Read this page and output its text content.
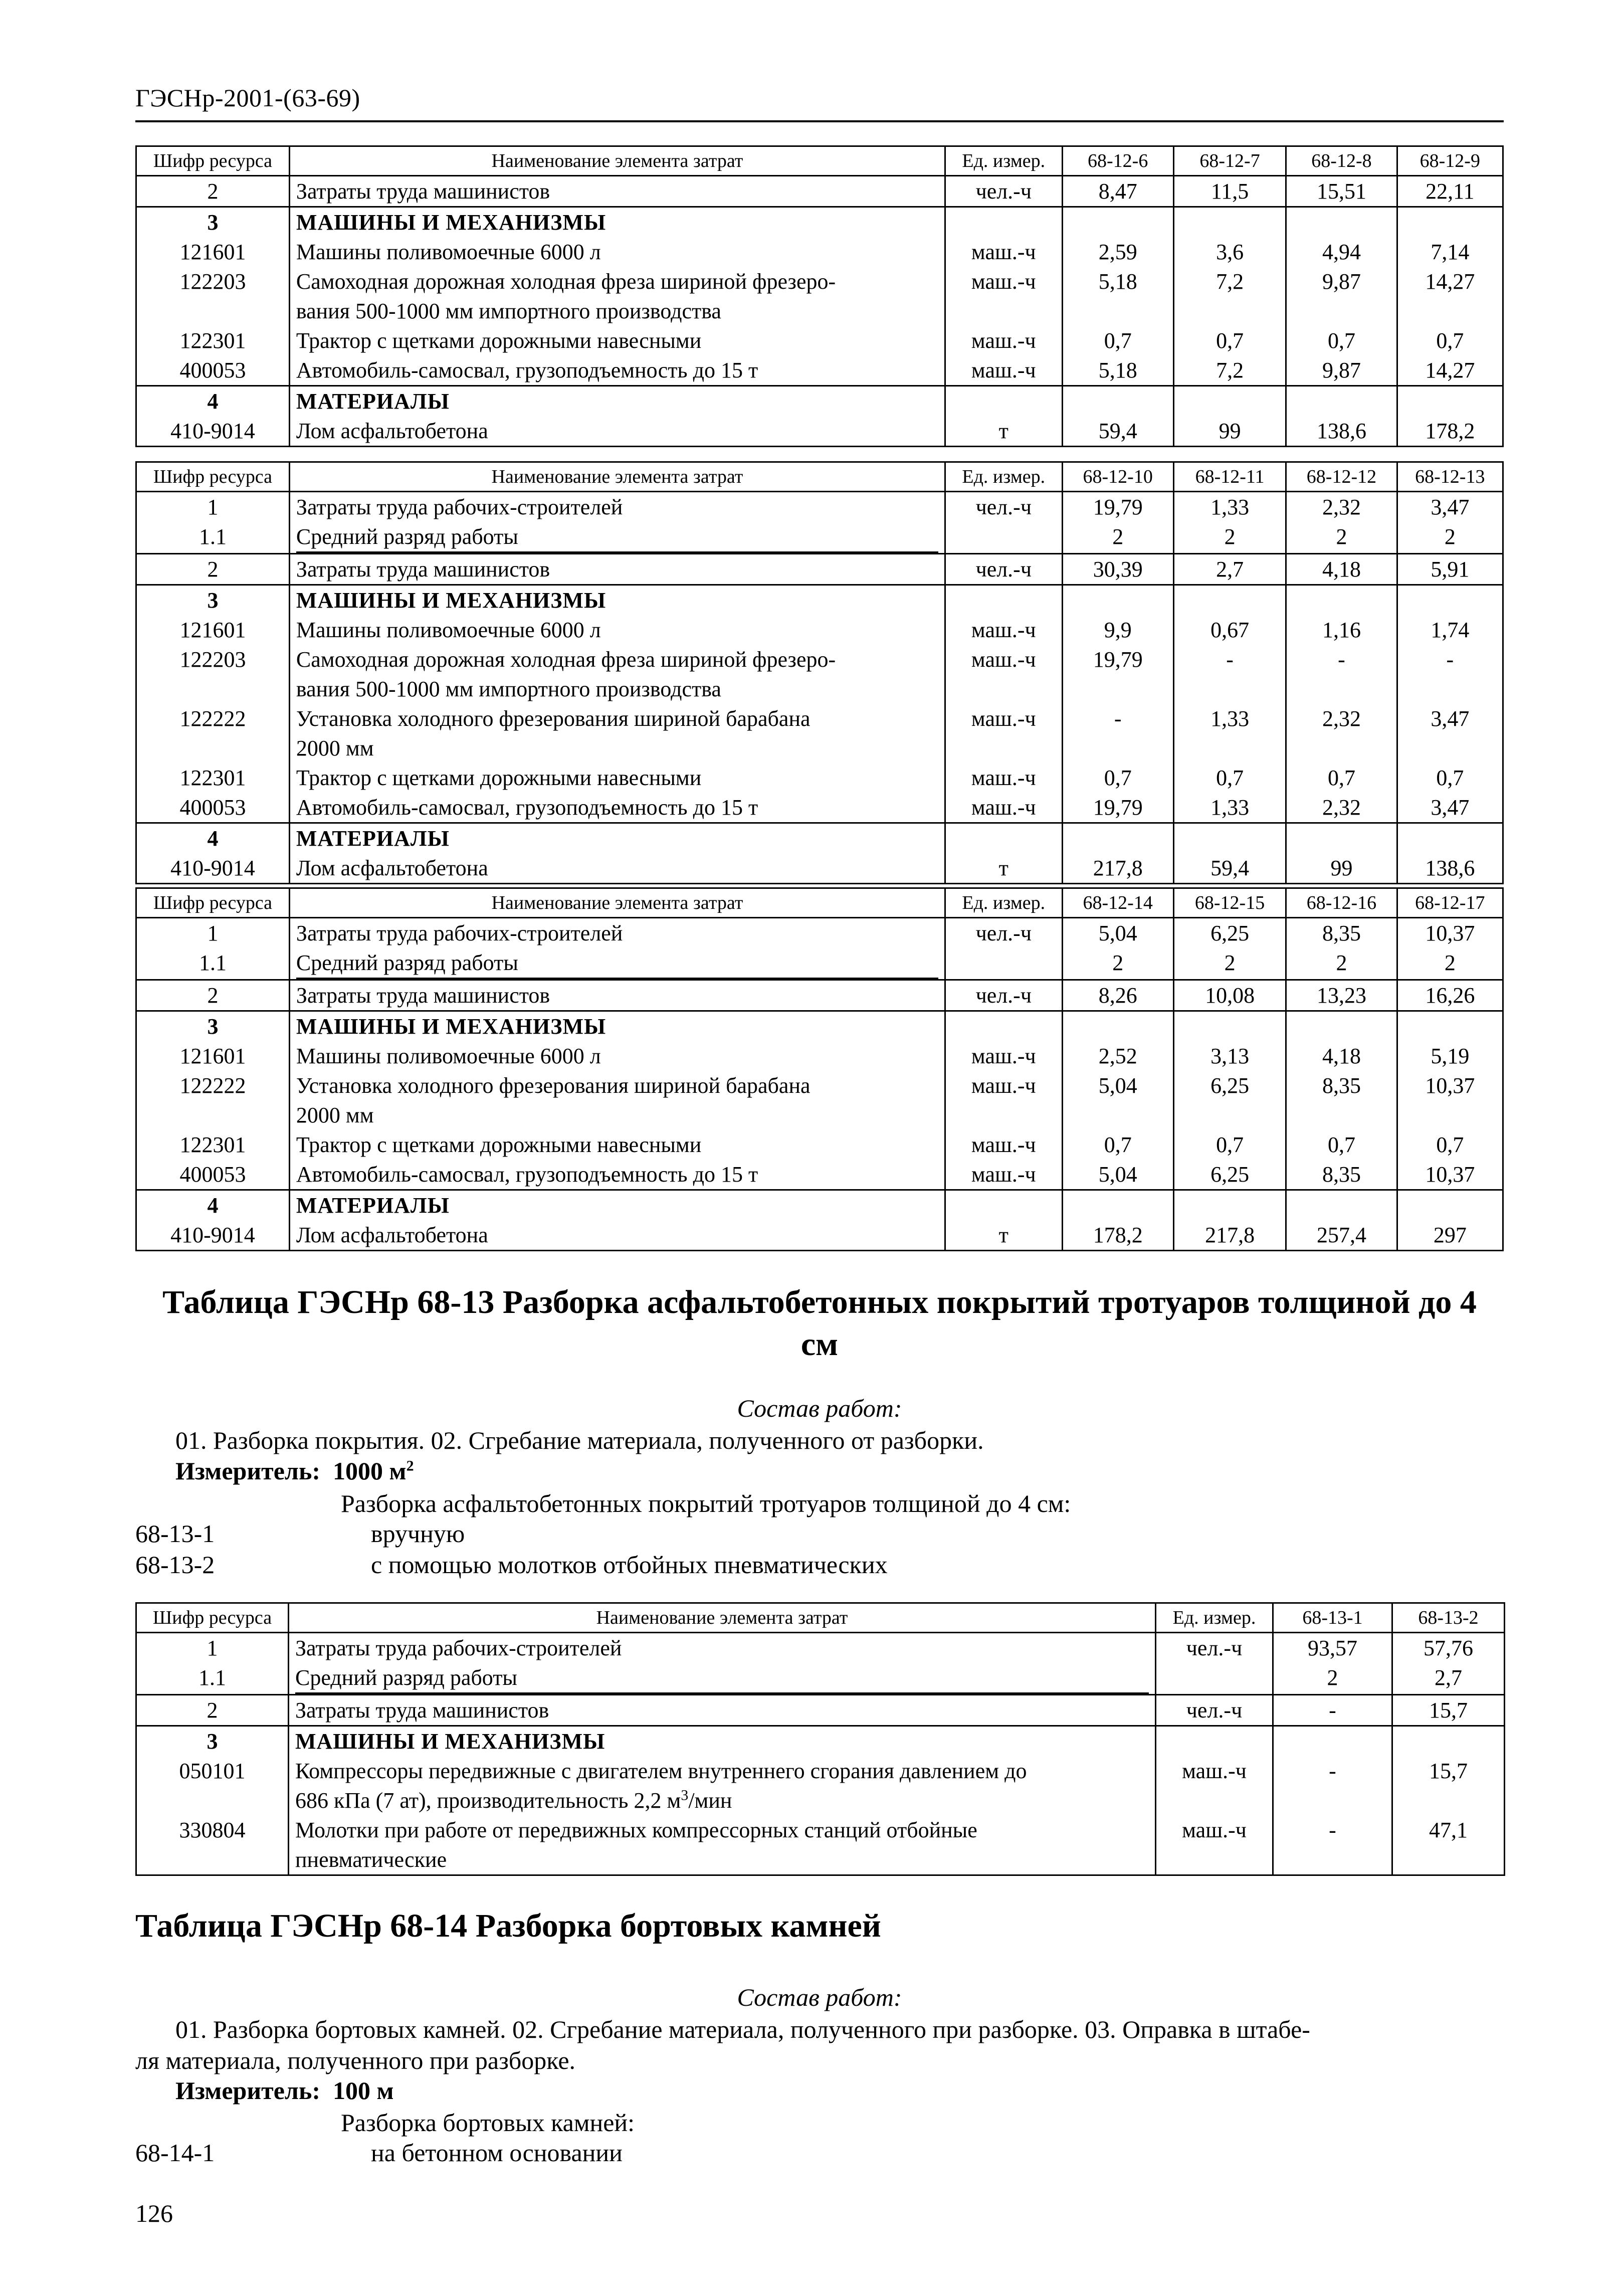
ГЭСНр-2001-(63-69)
Шифр ресурса	Наименование элемента затрат	Ед. измер.	68-12-6	68-12-7	68-12-8	68-12-9
2	Затраты труда машинистов	чел.-ч	8,47	11,5	15,51	22,11
3	МАШИНЫ И МЕХАНИЗМЫ					
121601	Машины поливомоечные 6000 л	маш.-ч	2,59	3,6	4,94	7,14
122203	Самоходная дорожная холодная фреза шириной фрезеро-
вания 500-1000 мм импортного производства	маш.-ч	5,18	7,2	9,87	14,27
122301	Трактор с щетками дорожными навесными	маш.-ч	0,7	0,7	0,7	0,7
400053	Автомобиль-самосвал, грузоподъемность до 15 т	маш.-ч	5,18	7,2	9,87	14,27
4	МАТЕРИАЛЫ					
410-9014	Лом асфальтобетона	т	59,4	99	138,6	178,2
Шифр ресурса	Наименование элемента затрат	Ед. измер.	68-12-10	68-12-11	68-12-12	68-12-13
1	Затраты труда рабочих-строителей	чел.-ч	19,79	1,33	2,32	3,47
1.1	Средний разряд работы		2	2	2	2
2	Затраты труда машинистов	чел.-ч	30,39	2,7	4,18	5,91
3	МАШИНЫ И МЕХАНИЗМЫ					
121601	Машины поливомоечные 6000 л	маш.-ч	9,9	0,67	1,16	1,74
122203	Самоходная дорожная холодная фреза шириной фрезеро-
вания 500-1000 мм импортного производства	маш.-ч	19,79	-	-	-
122222	Установка холодного фрезерования шириной барабана
2000 мм	маш.-ч	-	1,33	2,32	3,47
122301	Трактор с щетками дорожными навесными	маш.-ч	0,7	0,7	0,7	0,7
400053	Автомобиль-самосвал, грузоподъемность до 15 т	маш.-ч	19,79	1,33	2,32	3,47
4	МАТЕРИАЛЫ					
410-9014	Лом асфальтобетона	т	217,8	59,4	99	138,6
Шифр ресурса	Наименование элемента затрат	Ед. измер.	68-12-14	68-12-15	68-12-16	68-12-17
1	Затраты труда рабочих-строителей	чел.-ч	5,04	6,25	8,35	10,37
1.1	Средний разряд работы		2	2	2	2
2	Затраты труда машинистов	чел.-ч	8,26	10,08	13,23	16,26
3	МАШИНЫ И МЕХАНИЗМЫ					
121601	Машины поливомоечные 6000 л	маш.-ч	2,52	3,13	4,18	5,19
122222	Установка холодного фрезерования шириной барабана
2000 мм	маш.-ч	5,04	6,25	8,35	10,37
122301	Трактор с щетками дорожными навесными	маш.-ч	0,7	0,7	0,7	0,7
400053	Автомобиль-самосвал, грузоподъемность до 15 т	маш.-ч	5,04	6,25	8,35	10,37
4	МАТЕРИАЛЫ					
410-9014	Лом асфальтобетона	т	178,2	217,8	257,4	297
Таблица ГЭСНр 68-13 Разборка асфальтобетонных покрытий тротуаров толщиной до 4
см
Состав работ:
01. Разборка покрытия. 02. Сгребание материала, полученного от разборки.
Измеритель: 1000 $м^2$
Разборка асфальтобетонных покрытий тротуаров толщиной до 4 см:
68-13-1	вручную
68-13-2	с помощью молотков отбойных пневматических
Шифр ресурса	Наименование элемента затрат	Ед. измер.	68-13-1	68-13-2
1	Затраты труда рабочих-строителей	чел.-ч	93,57	57,76
1.1	Средний разряд работы		2	2,7
2	Затраты труда машинистов	чел.-ч	-	15,7
3	МАШИНЫ И МЕХАНИЗМЫ			
050101	Компрессоры передвижные с двигателем внутреннего сгорания давлением до
686 кПа (7 ат), производительность 2,2 $м^3$/мин	маш.-ч	-	15,7
330804	Молотки при работе от передвижных компрессорных станций отбойные
пневматические	маш.-ч	-	47,1
Таблица ГЭСНр 68-14 Разборка бортовых камней
Состав работ:
01. Разборка бортовых камней. 02. Сгребание материала, полученного при разборке. 03. Оправка в штабе-
ля материала, полученного при разборке.
Измеритель: 100 м
Разборка бортовых камней:
68-14-1	на бетонном основании
126
